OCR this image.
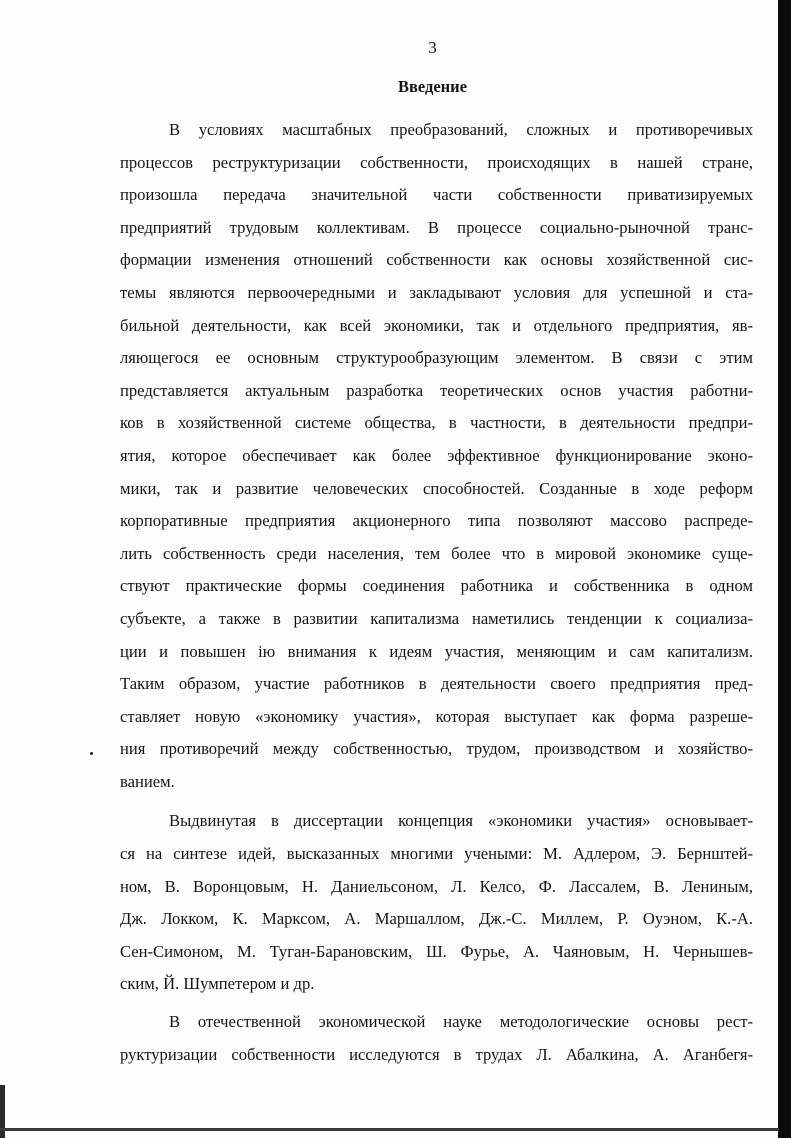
3
Введение

В условиях масштабных преобразований, сложных и противоречивых
процессов реструктуризации собственности, происходящих в нашей стране,
произошла передача значительной части собственности приватизируемых
предприятий трудовым коллективам. В процессе социально-рыночной транс-
формации изменения отношений собственности как основы хозяйственной сис-
темы являются первоочередными и закладывают условия для успешной и ста-
бильной деятельности, как всей экономики, так и отдельного предприятия, яв-
ляющегося ее основным структурообразующим элементом. В связи с этим
представляется актуальным разработка теоретических основ участия работни-
ков в хозяйственной системе общества, в частности, в деятельности предпри-
ятия, которое обеспечивает как более эффективное функционирование эконо-
мики, так и развитие человеческих способностей. Созданные в ходе реформ
корпоративные предприятия акционерного типа позволяют массово распреде-
лить собственность среди населения, тем более что в мировой экономике суще-
ствуют практические формы соединения работника и собственника в одном
субъекте, а также в развитии капитализма наметились тенденции к социализа-
ции и повышен ію внимания к идеям участия, меняющим и сам капитализм.
Таким образом, участие работников в деятельности своего предприятия пред-
ставляет новую «экономику участия», которая выступает как форма разреше-
ния противоречий между собственностью, трудом, производством и хозяйство-
ванием.

Выдвинутая в диссертации концепция «экономики участия» основывает-
ся на синтезе идей, высказанных многими учеными: М. Адлером, Э. Бернштей-
ном, В. Воронцовым, Н. Даниельсоном, Л. Келсо, Ф. Лассалем, В. Лениным,
Дж. Локком, К. Марксом, А. Маршаллом, Дж.-С. Миллем, Р. Оуэном, К.-А.
Сен-Симоном, М. Туган-Барановским, Ш. Фурье, А. Чаяновым, Н. Чернышев-
ским, Й. Шумпетером и др.

В отечественной экономической науке методологические основы рест-
руктуризации собственности исследуются в трудах Л. Абалкина, А. Аганбегя-
